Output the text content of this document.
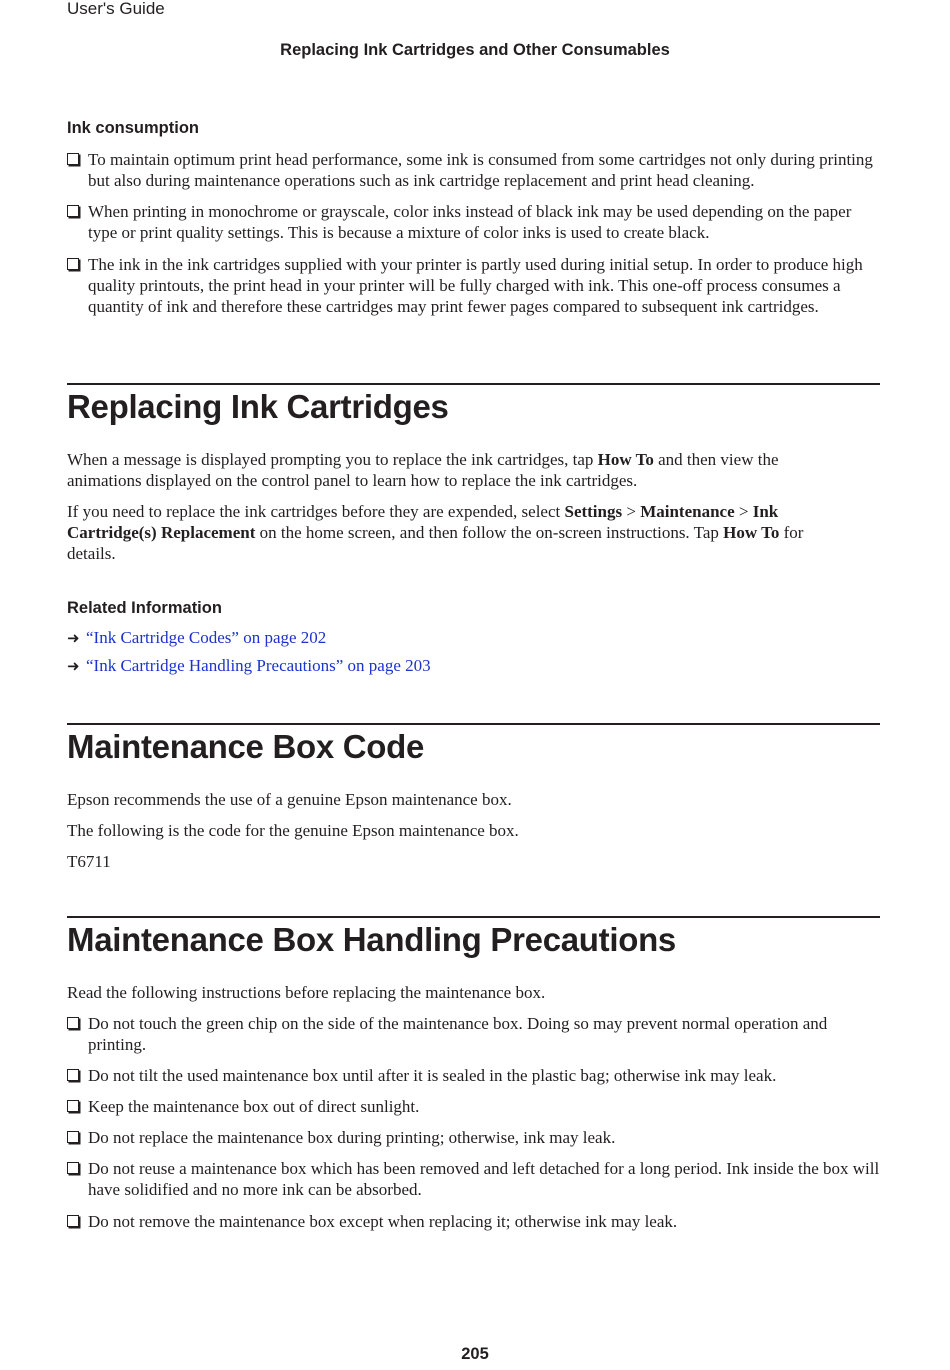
User's Guide
Replacing Ink Cartridges and Other Consumables
Ink consumption
To maintain optimum print head performance, some ink is consumed from some cartridges not only during printing but also during maintenance operations such as ink cartridge replacement and print head cleaning.
When printing in monochrome or grayscale, color inks instead of black ink may be used depending on the paper type or print quality settings. This is because a mixture of color inks is used to create black.
The ink in the ink cartridges supplied with your printer is partly used during initial setup. In order to produce high quality printouts, the print head in your printer will be fully charged with ink. This one-off process consumes a quantity of ink and therefore these cartridges may print fewer pages compared to subsequent ink cartridges.
Replacing Ink Cartridges
When a message is displayed prompting you to replace the ink cartridges, tap How To and then view the animations displayed on the control panel to learn how to replace the ink cartridges.
If you need to replace the ink cartridges before they are expended, select Settings > Maintenance > Ink Cartridge(s) Replacement on the home screen, and then follow the on-screen instructions. Tap How To for details.
Related Information
➜ “Ink Cartridge Codes” on page 202
➜ “Ink Cartridge Handling Precautions” on page 203
Maintenance Box Code
Epson recommends the use of a genuine Epson maintenance box.
The following is the code for the genuine Epson maintenance box.
T6711
Maintenance Box Handling Precautions
Read the following instructions before replacing the maintenance box.
Do not touch the green chip on the side of the maintenance box. Doing so may prevent normal operation and printing.
Do not tilt the used maintenance box until after it is sealed in the plastic bag; otherwise ink may leak.
Keep the maintenance box out of direct sunlight.
Do not replace the maintenance box during printing; otherwise, ink may leak.
Do not reuse a maintenance box which has been removed and left detached for a long period. Ink inside the box will have solidified and no more ink can be absorbed.
Do not remove the maintenance box except when replacing it; otherwise ink may leak.
205
